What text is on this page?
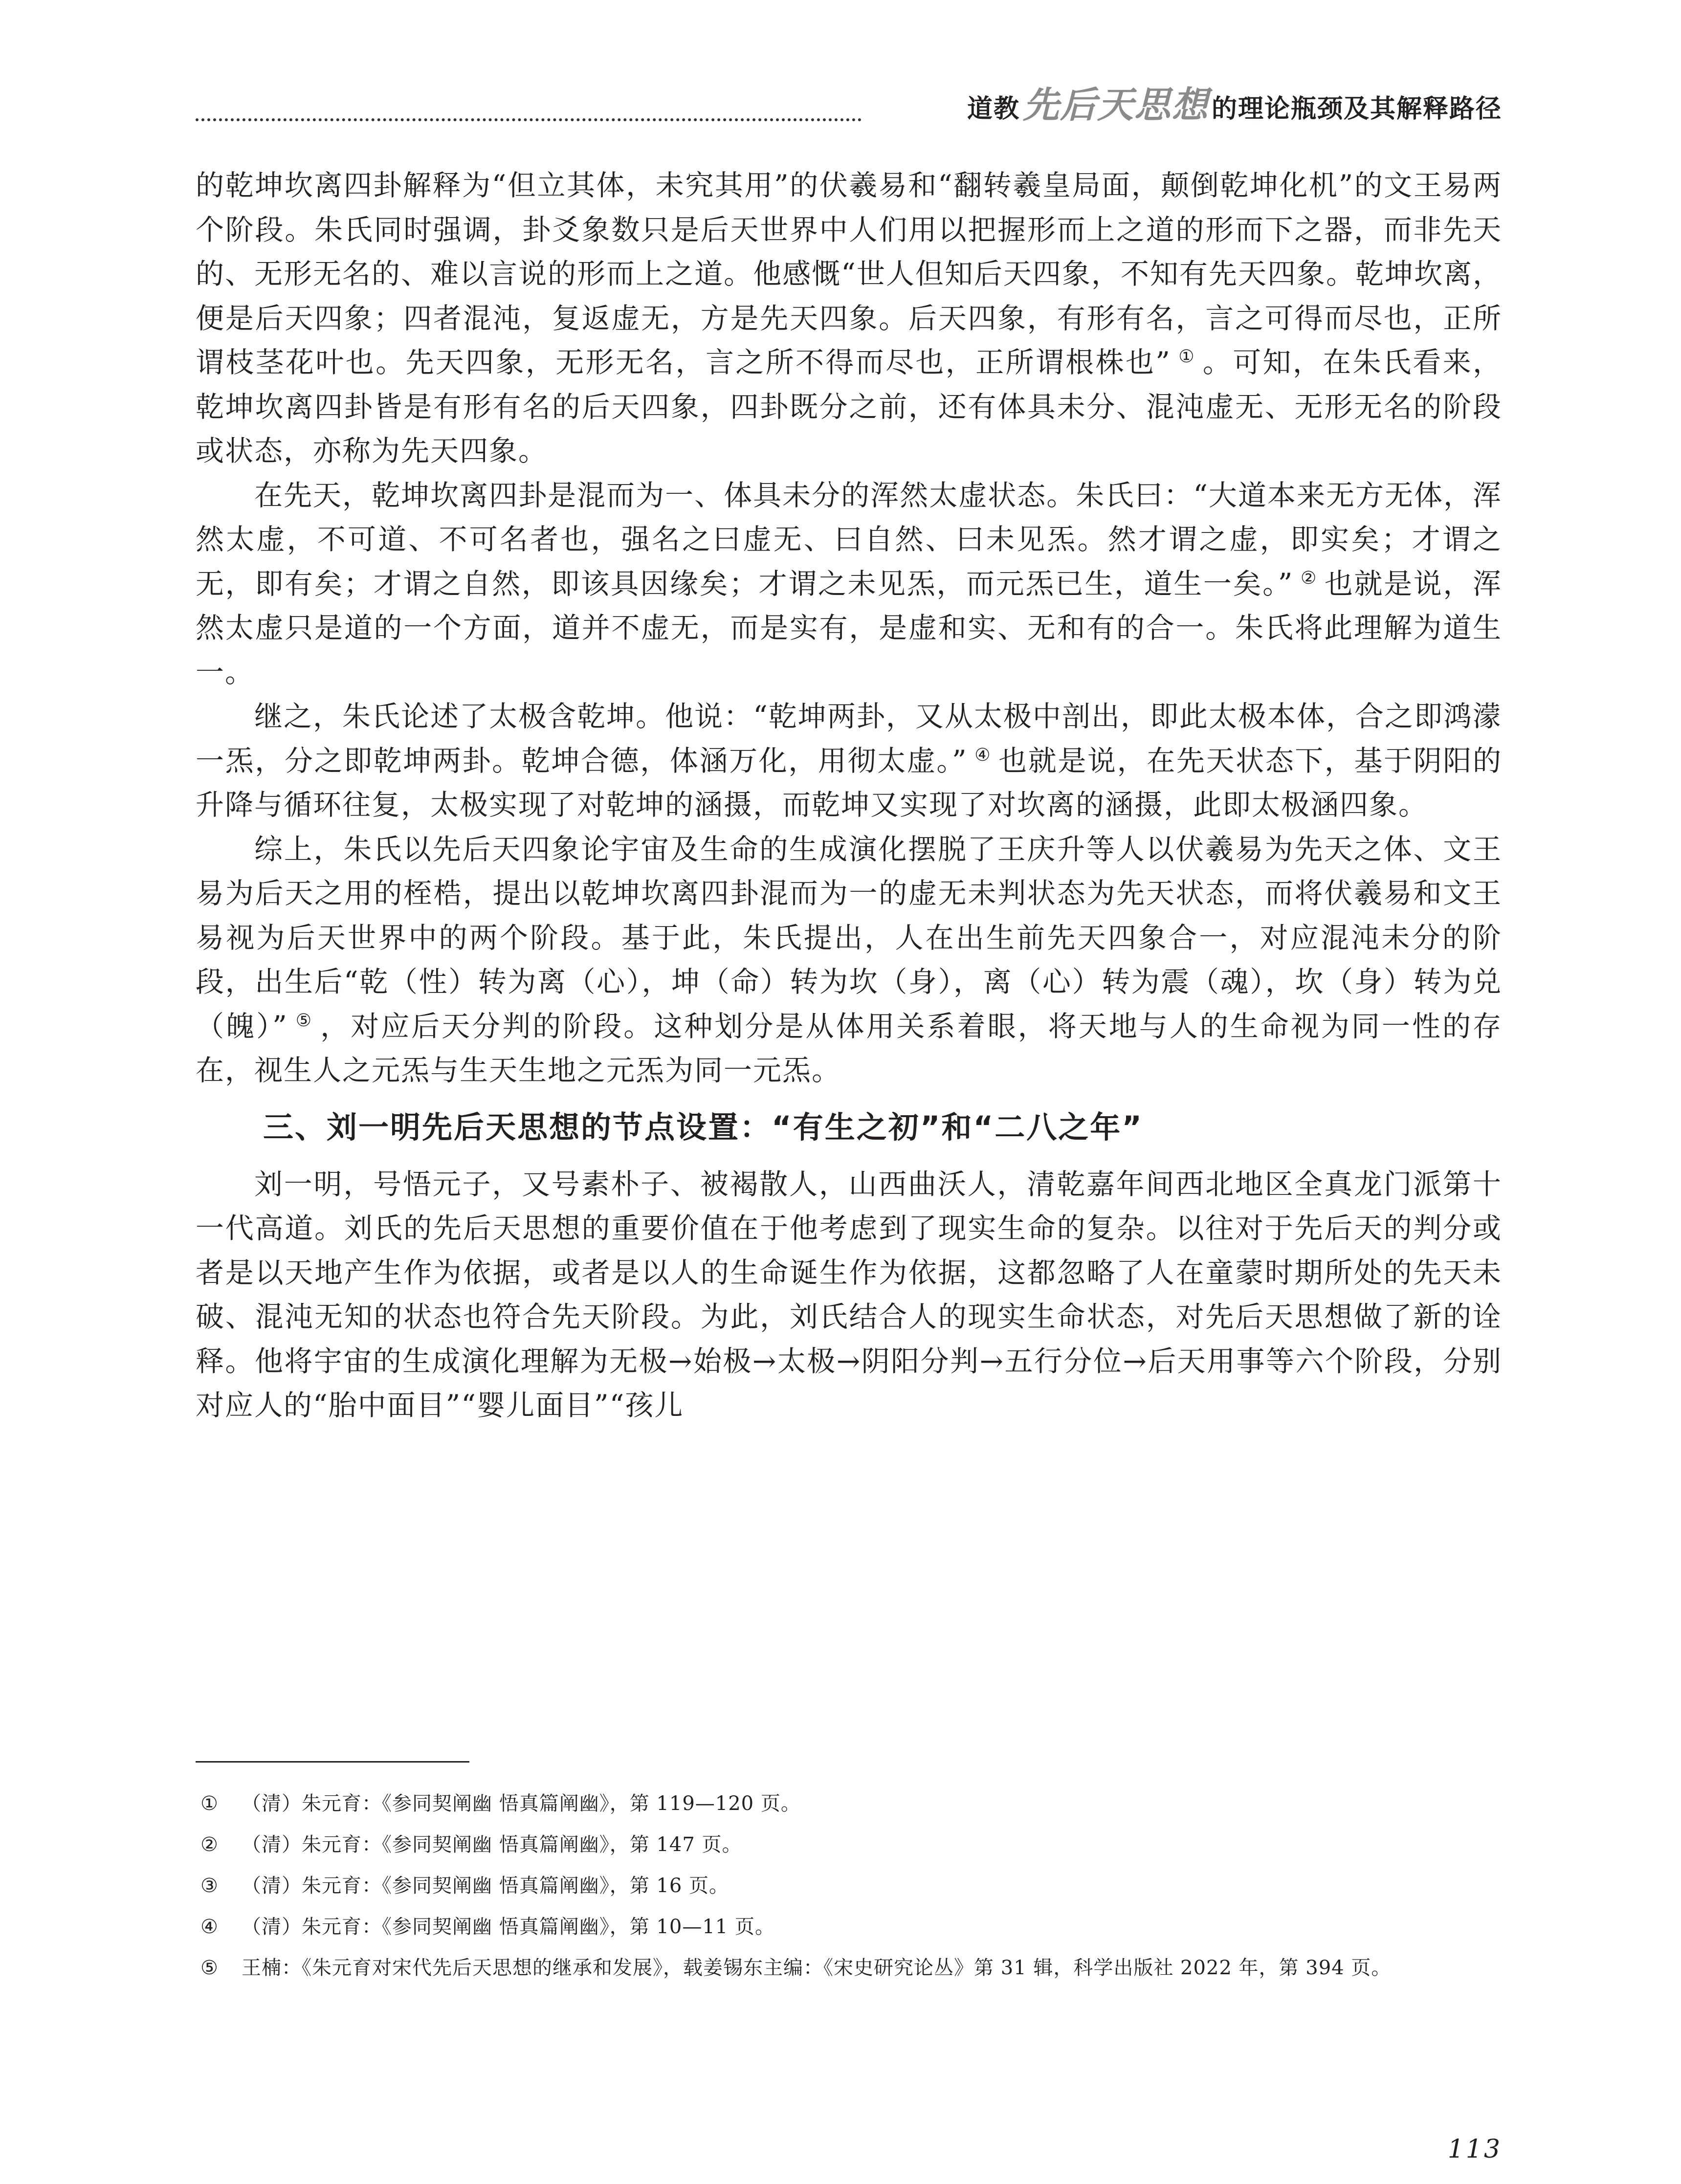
道教先后天思想 的理论瓶颈及其解释路径

的乾坤坎离四卦解释为“但立其体，未究其用”的伏羲易和“翻转羲皇局面，颠倒乾坤化机”的文王易两个阶段。朱氏同时强调，卦爻象数只是后天世界中人们用以把握形而上之道的形而下之器，而非先天的、无形无名的、难以言说的形而上之道。他感慨“世人但知后天四象，不知有先天四象。乾坤坎离，便是后天四象；四者混沌，复返虚无，方是先天四象。后天四象，有形有名，言之可得而尽也，正所谓枝茎花叶也。先天四象，无形无名，言之所不得而尽也，正所谓根株也” ① 。可知，在朱氏看来，乾坤坎离四卦皆是有形有名的后天四象，四卦既分之前，还有体具未分、混沌虚无、无形无名的阶段或状态，亦称为先天四象。

在先天，乾坤坎离四卦是混而为一、体具未分的浑然太虚状态。朱氏曰：“大道本来无方无体，浑然太虚，不可道、不可名者也，强名之曰虚无、曰自然、曰未见炁。然才谓之虚，即实矣；才谓之无，即有矣；才谓之自然，即该具因缘矣；才谓之未见炁，而元炁已生，道生一矣。” ② 也就是说，浑然太虚只是道的一个方面，道并不虚无，而是实有，是虚和实、无和有的合一。朱氏将此理解为道生一。

继之，朱氏论述了太极含乾坤。他说：“乾坤两卦，又从太极中剖出，即此太极本体，合之即鸿濛一炁，分之即乾坤两卦。乾坤合德，体涵万化，用彻太虚。” ④ 也就是说，在先天状态下，基于阴阳的升降与循环往复，太极实现了对乾坤的涵摄，而乾坤又实现了对坎离的涵摄，此即太极涵四象。

综上，朱氏以先后天四象论宇宙及生命的生成演化摆脱了王庆升等人以伏羲易为先天之体、文王易为后天之用的桎梏，提出以乾坤坎离四卦混而为一的虚无未判状态为先天状态，而将伏羲易和文王易视为后天世界中的两个阶段。基于此，朱氏提出，人在出生前先天四象合一，对应混沌未分的阶段，出生后“乾（性）转为离（心），坤（命）转为坎（身），离（心）转为震（魂），坎（身）转为兑（魄）” ⑤ ，对应后天分判的阶段。这种划分是从体用关系着眼，将天地与人的生命视为同一性的存在，视生人之元炁与生天生地之元炁为同一元炁。

三、刘一明先后天思想的节点设置：“有生之初”和“二八之年”

刘一明，号悟元子，又号素朴子、被褐散人，山西曲沃人，清乾嘉年间西北地区全真龙门派第十一代高道。刘氏的先后天思想的重要价值在于他考虑到了现实生命的复杂。以往对于先后天的判分或者是以天地产生作为依据，或者是以人的生命诞生作为依据，这都忽略了人在童蒙时期所处的先天未破、混沌无知的状态也符合先天阶段。为此，刘氏结合人的现实生命状态，对先后天思想做了新的诠释。他将宇宙的生成演化理解为无极→始极→太极→阴阳分判→五行分位→后天用事等六个阶段，分别对应人的“胎中面目”“婴儿面目”“孩儿

① （清）朱元育：《参同契阐幽 悟真篇阐幽》，第 119—120 页。
② （清）朱元育：《参同契阐幽 悟真篇阐幽》，第 147 页。
③ （清）朱元育：《参同契阐幽 悟真篇阐幽》，第 16 页。
④ （清）朱元育：《参同契阐幽 悟真篇阐幽》，第 10—11 页。
⑤ 王楠：《朱元育对宋代先后天思想的继承和发展》，载姜锡东主编：《宋史研究论丛》第 31 辑，科学出版社 2022 年，第 394 页。
113
